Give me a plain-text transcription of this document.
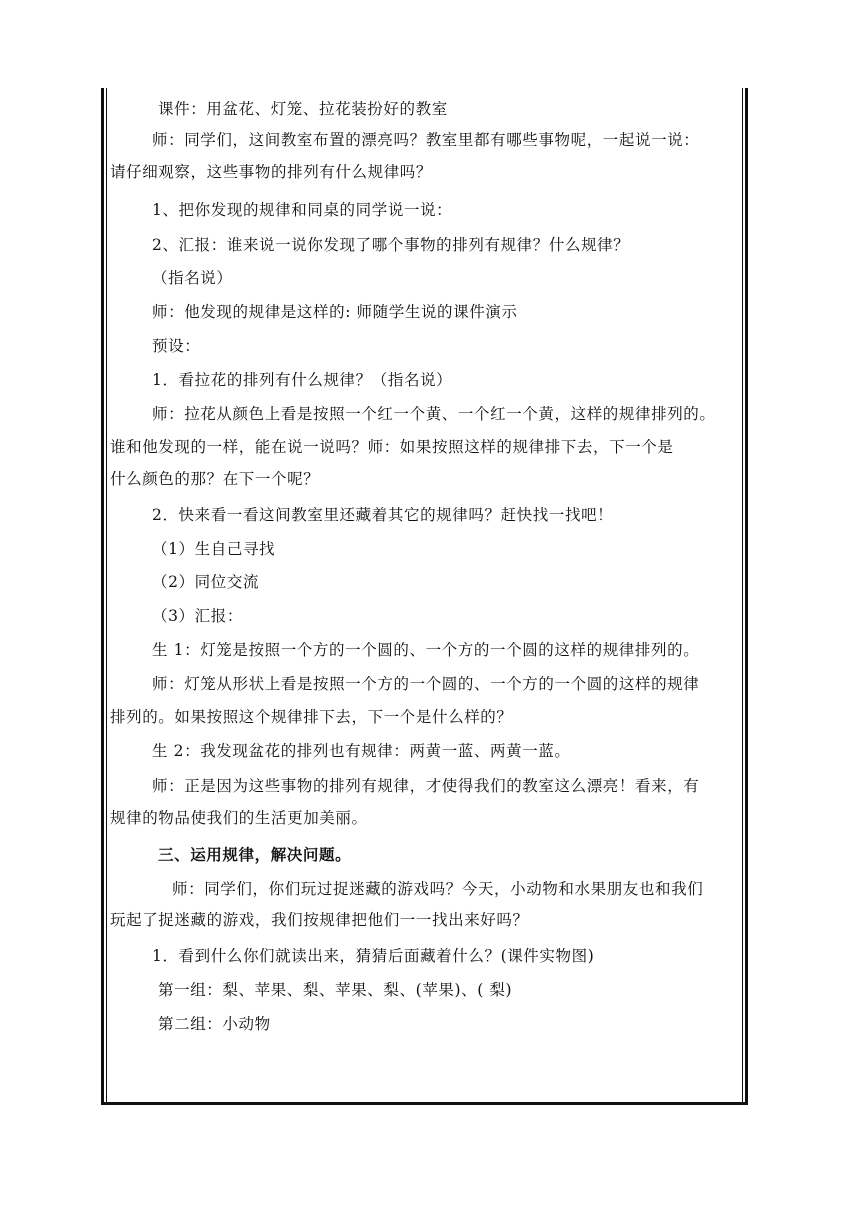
课件：用盆花、灯笼、拉花装扮好的教室
师：同学们，这间教室布置的漂亮吗？教室里都有哪些事物呢，一起说一说：
请仔细观察，这些事物的排列有什么规律吗？
1、把你发现的规律和同桌的同学说一说：
2、汇报：谁来说一说你发现了哪个事物的排列有规律？什么规律？
（指名说）
师：他发现的规律是这样的: 师随学生说的课件演示
预设：
1．看拉花的排列有什么规律？（指名说）
师：拉花从颜色上看是按照一个红一个黄、一个红一个黄，这样的规律排列的。
谁和他发现的一样，能在说一说吗？师：如果按照这样的规律排下去，下一个是
什么颜色的那？在下一个呢？
2．快来看一看这间教室里还藏着其它的规律吗？赶快找一找吧！
（1）生自己寻找
（2）同位交流
（3）汇报：
生 1：灯笼是按照一个方的一个圆的、一个方的一个圆的这样的规律排列的。
师：灯笼从形状上看是按照一个方的一个圆的、一个方的一个圆的这样的规律
排列的。如果按照这个规律排下去，下一个是什么样的？
生 2：我发现盆花的排列也有规律：两黄一蓝、两黄一蓝。
师：正是因为这些事物的排列有规律，才使得我们的教室这么漂亮！看来，有
规律的物品使我们的生活更加美丽。
三、运用规律，解决问题。
师：同学们，你们玩过捉迷藏的游戏吗？今天，小动物和水果朋友也和我们
玩起了捉迷藏的游戏，我们按规律把他们一一找出来好吗？
1．看到什么你们就读出来，猜猜后面藏着什么？(课件实物图)
第一组：梨、苹果、梨、苹果、梨、(苹果)、( 梨)
第二组：小动物
